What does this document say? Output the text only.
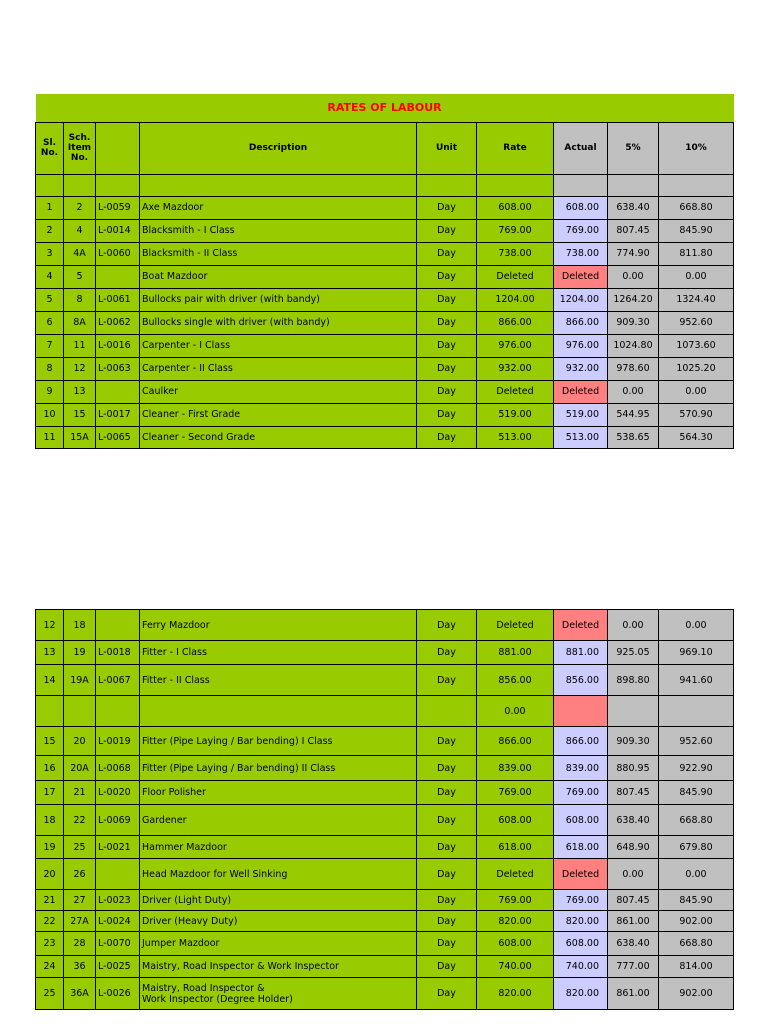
RATES OF LABOUR								
Sl. No.	Sch. Item No.		Description	Unit	Rate	Actual	5%	10%

1	2	L-0059	Axe Mazdoor	Day	608.00	608.00	638.40	668.80
2	4	L-0014	Blacksmith - I Class	Day	769.00	769.00	807.45	845.90
3	4A	L-0060	Blacksmith - II Class	Day	738.00	738.00	774.90	811.80
4	5		Boat Mazdoor	Day	Deleted	Deleted	0.00	0.00
5	8	L-0061	Bullocks pair with driver (with bandy)	Day	1204.00	1204.00	1264.20	1324.40
6	8A	L-0062	Bullocks single with driver (with bandy)	Day	866.00	866.00	909.30	952.60
7	11	L-0016	Carpenter - I Class	Day	976.00	976.00	1024.80	1073.60
8	12	L-0063	Carpenter - II Class	Day	932.00	932.00	978.60	1025.20
9	13		Caulker	Day	Deleted	Deleted	0.00	0.00
10	15	L-0017	Cleaner - First Grade	Day	519.00	519.00	544.95	570.90
11	15A	L-0065	Cleaner - Second Grade	Day	513.00	513.00	538.65	564.30
12	18		Ferry Mazdoor	Day	Deleted	Deleted	0.00	0.00
13	19	L-0018	Fitter - I Class	Day	881.00	881.00	925.05	969.10
14	19A	L-0067	Fitter - II Class	Day	856.00	856.00	898.80	941.60
					0.00			
15	20	L-0019	Fitter (Pipe Laying / Bar bending) I Class	Day	866.00	866.00	909.30	952.60
16	20A	L-0068	Fitter (Pipe Laying / Bar bending) II Class	Day	839.00	839.00	880.95	922.90
17	21	L-0020	Floor Polisher	Day	769.00	769.00	807.45	845.90
18	22	L-0069	Gardener	Day	608.00	608.00	638.40	668.80
19	25	L-0021	Hammer Mazdoor	Day	618.00	618.00	648.90	679.80
20	26		Head Mazdoor for Well Sinking	Day	Deleted	Deleted	0.00	0.00
21	27	L-0023	Driver (Light Duty)	Day	769.00	769.00	807.45	845.90
22	27A	L-0024	Driver (Heavy Duty)	Day	820.00	820.00	861.00	902.00
23	28	L-0070	Jumper Mazdoor	Day	608.00	608.00	638.40	668.80
24	36	L-0025	Maistry, Road Inspector & Work Inspector	Day	740.00	740.00	777.00	814.00
25	36A	L-0026	Maistry, Road Inspector &
Work Inspector (Degree Holder)	Day	820.00	820.00	861.00	902.00
